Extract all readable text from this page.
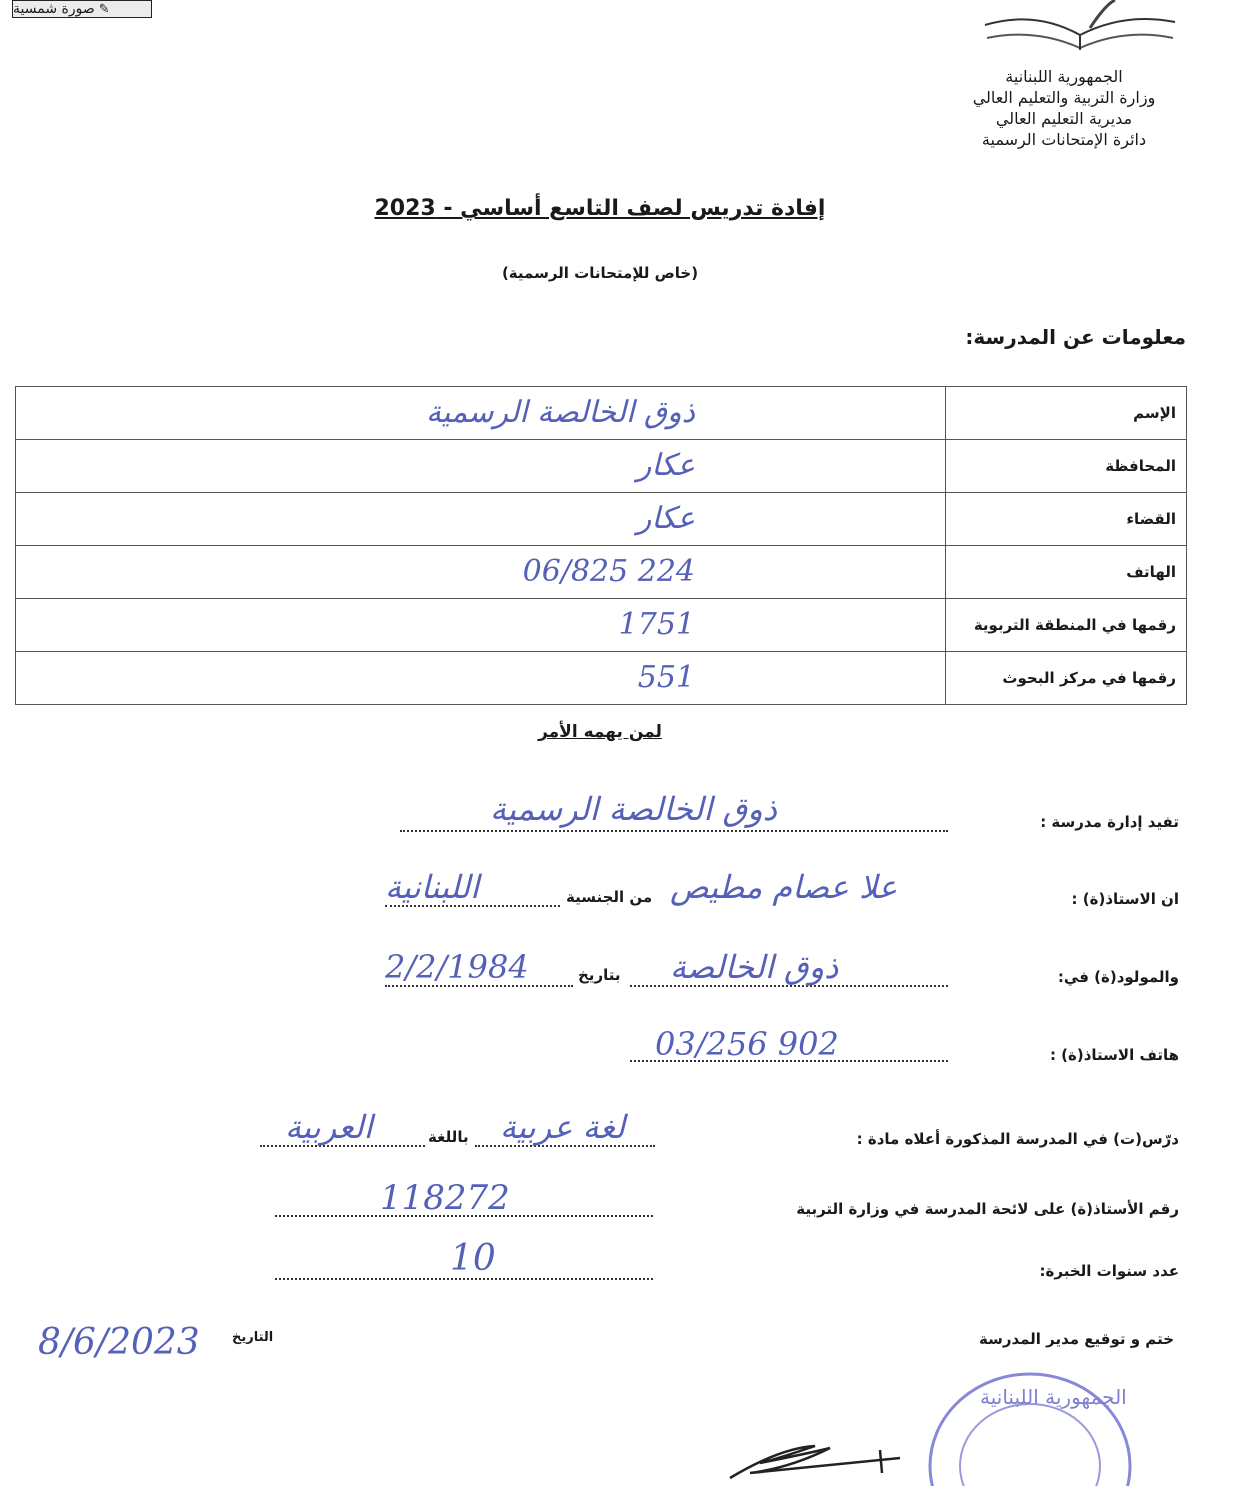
✎
صورة شمسية
الجمهورية اللبنانية
وزارة التربية والتعليم العالي
مديرية التعليم العالي
دائرة الإمتحانات الرسمية
إفادة تدريس لصف التاسع أساسي - 2023
(خاص للإمتحانات الرسمية)
معلومات عن المدرسة:
ذوق الخالصة الرسمية	الإسم

عكار	المحافظة

عكار	القضاء

06/825 224	الهاتف

1751	رقمها في المنطقة التربوية

551	رقمها في مركز البحوث
لمن يهمه الأمر
تفيد إدارة مدرسة :
ذوق الخالصة الرسمية
ان الاستاذ(ة) :
علا عصام مطيص
من الجنسية
اللبنانية
والمولود(ة) في:
ذوق الخالصة
بتاريخ
2/2/1984
هاتف الاستاذ(ة) :
03/256 902
درّس(ت) في المدرسة المذكورة أعلاه مادة :
لغة عربية
باللغة
العربية
رقم الأستاذ(ة) على لائحة المدرسة في وزارة التربية
118272
عدد سنوات الخبرة:
10
ختم و توقيع مدير المدرسة
8/6/2023 التاريخ
الجمهورية اللبنانية
